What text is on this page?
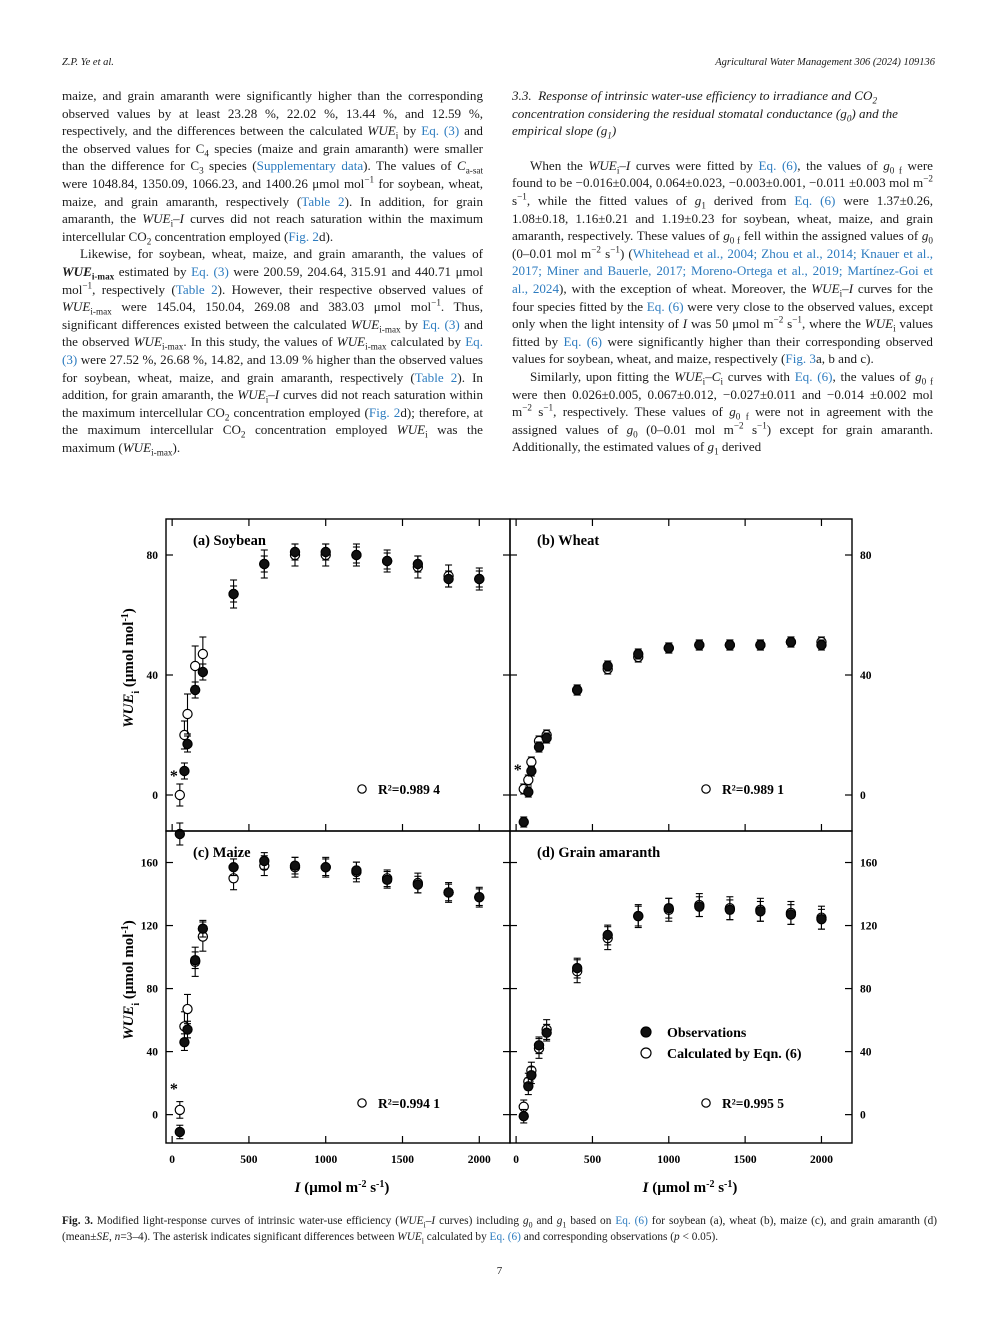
Z.P. Ye et al.	Agricultural Water Management 306 (2024) 109136

maize, and grain amaranth were significantly higher than the corresponding observed values by at least 23.28 %, 22.02 %, 13.44 %, and 12.59 %, respectively, and the differences between the calculated $WUE_i$ by Eq. (3) and the observed values for $C_4$ species (maize and grain amaranth) were smaller than the difference for $C_3$ species (Supplementary data). The values of $C_{a-sat}$ were 1048.84, 1350.09, 1066.23, and 1400.26 μmol mol$^{-1}$ for soybean, wheat, maize, and grain amaranth, respectively (Table 2). In addition, for grain amaranth, the $WUE_i-I$ curves did not reach saturation within the maximum intercellular $CO_2$ concentration employed (Fig. 2d).

Likewise, for soybean, wheat, maize, and grain amaranth, the values of $WUE_{i-max}$ estimated by Eq. (3) were 200.59, 204.64, 315.91 and 440.71 μmol mol$^{-1}$, respectively (Table 2). However, their respective observed values of $WUE_{i-max}$ were 145.04, 150.04, 269.08 and 383.03 μmol mol$^{-1}$. Thus, significant differences existed between the calculated $WUE_{i-max}$ by Eq. (3) and the observed $WUE_{i-max}$. In this study, the values of $WUE_{i-max}$ calculated by Eq. (3) were 27.52 %, 26.68 %, 14.82, and 13.09 % higher than the observed values for soybean, wheat, maize, and grain amaranth, respectively (Table 2). In addition, for grain amaranth, the $WUE_i-I$ curves did not reach saturation within the maximum intercellular $CO_2$ concentration employed (Fig. 2d); therefore, at the maximum intercellular $CO_2$ concentration employed $WUE_i$ was the maximum $(WUE_{i-max})$.

3.3.  Response of intrinsic water-use efficiency to irradiance and $CO_2$ concentration considering the residual stomatal conductance $(g_0)$ and the empirical slope $(g_1)$

When the $WUE_i-I$ curves were fitted by Eq. (6), the values of $g_{0 f}$ were found to be −0.016±0.004, 0.064±0.023, −0.003±0.001, −0.011 ±0.003 mol $m^{-2}$ $s^{-1}$, while the fitted values of $g_1$ derived from Eq. (6) were 1.37±0.26, 1.08±0.18, 1.16±0.21 and 1.19±0.23 for soybean, wheat, maize, and grain amaranth, respectively. These values of $g_{0 f}$ fell within the assigned values of $g_0$ (0–0.01 mol $m^{-2}$ $s^{-1}$) (Whitehead et al., 2004; Zhou et al., 2014; Knauer et al., 2017; Miner and Bauerle, 2017; Moreno-Ortega et al., 2019; Martínez-Goi et al., 2024), with the exception of wheat. Moreover, the $WUE_i-I$ curves for the four species fitted by the Eq. (6) were very close to the observed values, except only when the light intensity of I was 50 μmol $m^{-2}$ $s^{-1}$, where the $WUE_i$ values fitted by Eq. (6) were significantly higher than their corresponding observed values for soybean, wheat, and maize, respectively (Fig. 3a, b and c).

Similarly, upon fitting the $WUE_i-C_i$ curves with Eq. (6), the values of $g_{0 f}$ were then 0.026±0.005, 0.067±0.012, −0.027±0.011 and −0.014 ±0.002 mol $m^{-2}$ $s^{-1}$, respectively. These values of $g_{0 f}$ were not in agreement with the assigned values of $g_0$ (0–0.01 mol $m^{-2}$ $s^{-1}$) except for grain amaranth. Additionally, the estimated values of $g_1$ derived

0
40
80
(a) Soybean
R²=0.989 4
*
0
40
80
(b) Wheat
R²=0.989 1
*
0
40
80
120
160
0	500	1000	1500	2000
(c) Maize
R²=0.994 1
*
0
40
80
120
160
0	500	1000	1500	2000
(d) Grain amaranth
R²=0.995 5
Observations
Calculated by Eqn. (6)
I (μmol $m^{-2}$ $s^{-1}$)	I (μmol $m^{-2}$ $s^{-1}$)
$WUE_i$ (μmol mol$^{-1}$)
$WUE_i$ (μmol mol$^{-1}$)
Fig. 3. Modified light-response curves of intrinsic water-use efficiency ($WUE_i-I$ curves) including $g_0$ and $g_1$ based on Eq. (6) for soybean (a), wheat (b), maize (c), and grain amaranth (d) (mean±SE, n=3–4). The asterisk indicates significant differences between $WUE_i$ calculated by Eq. (6) and corresponding observations (p < 0.05).
7
